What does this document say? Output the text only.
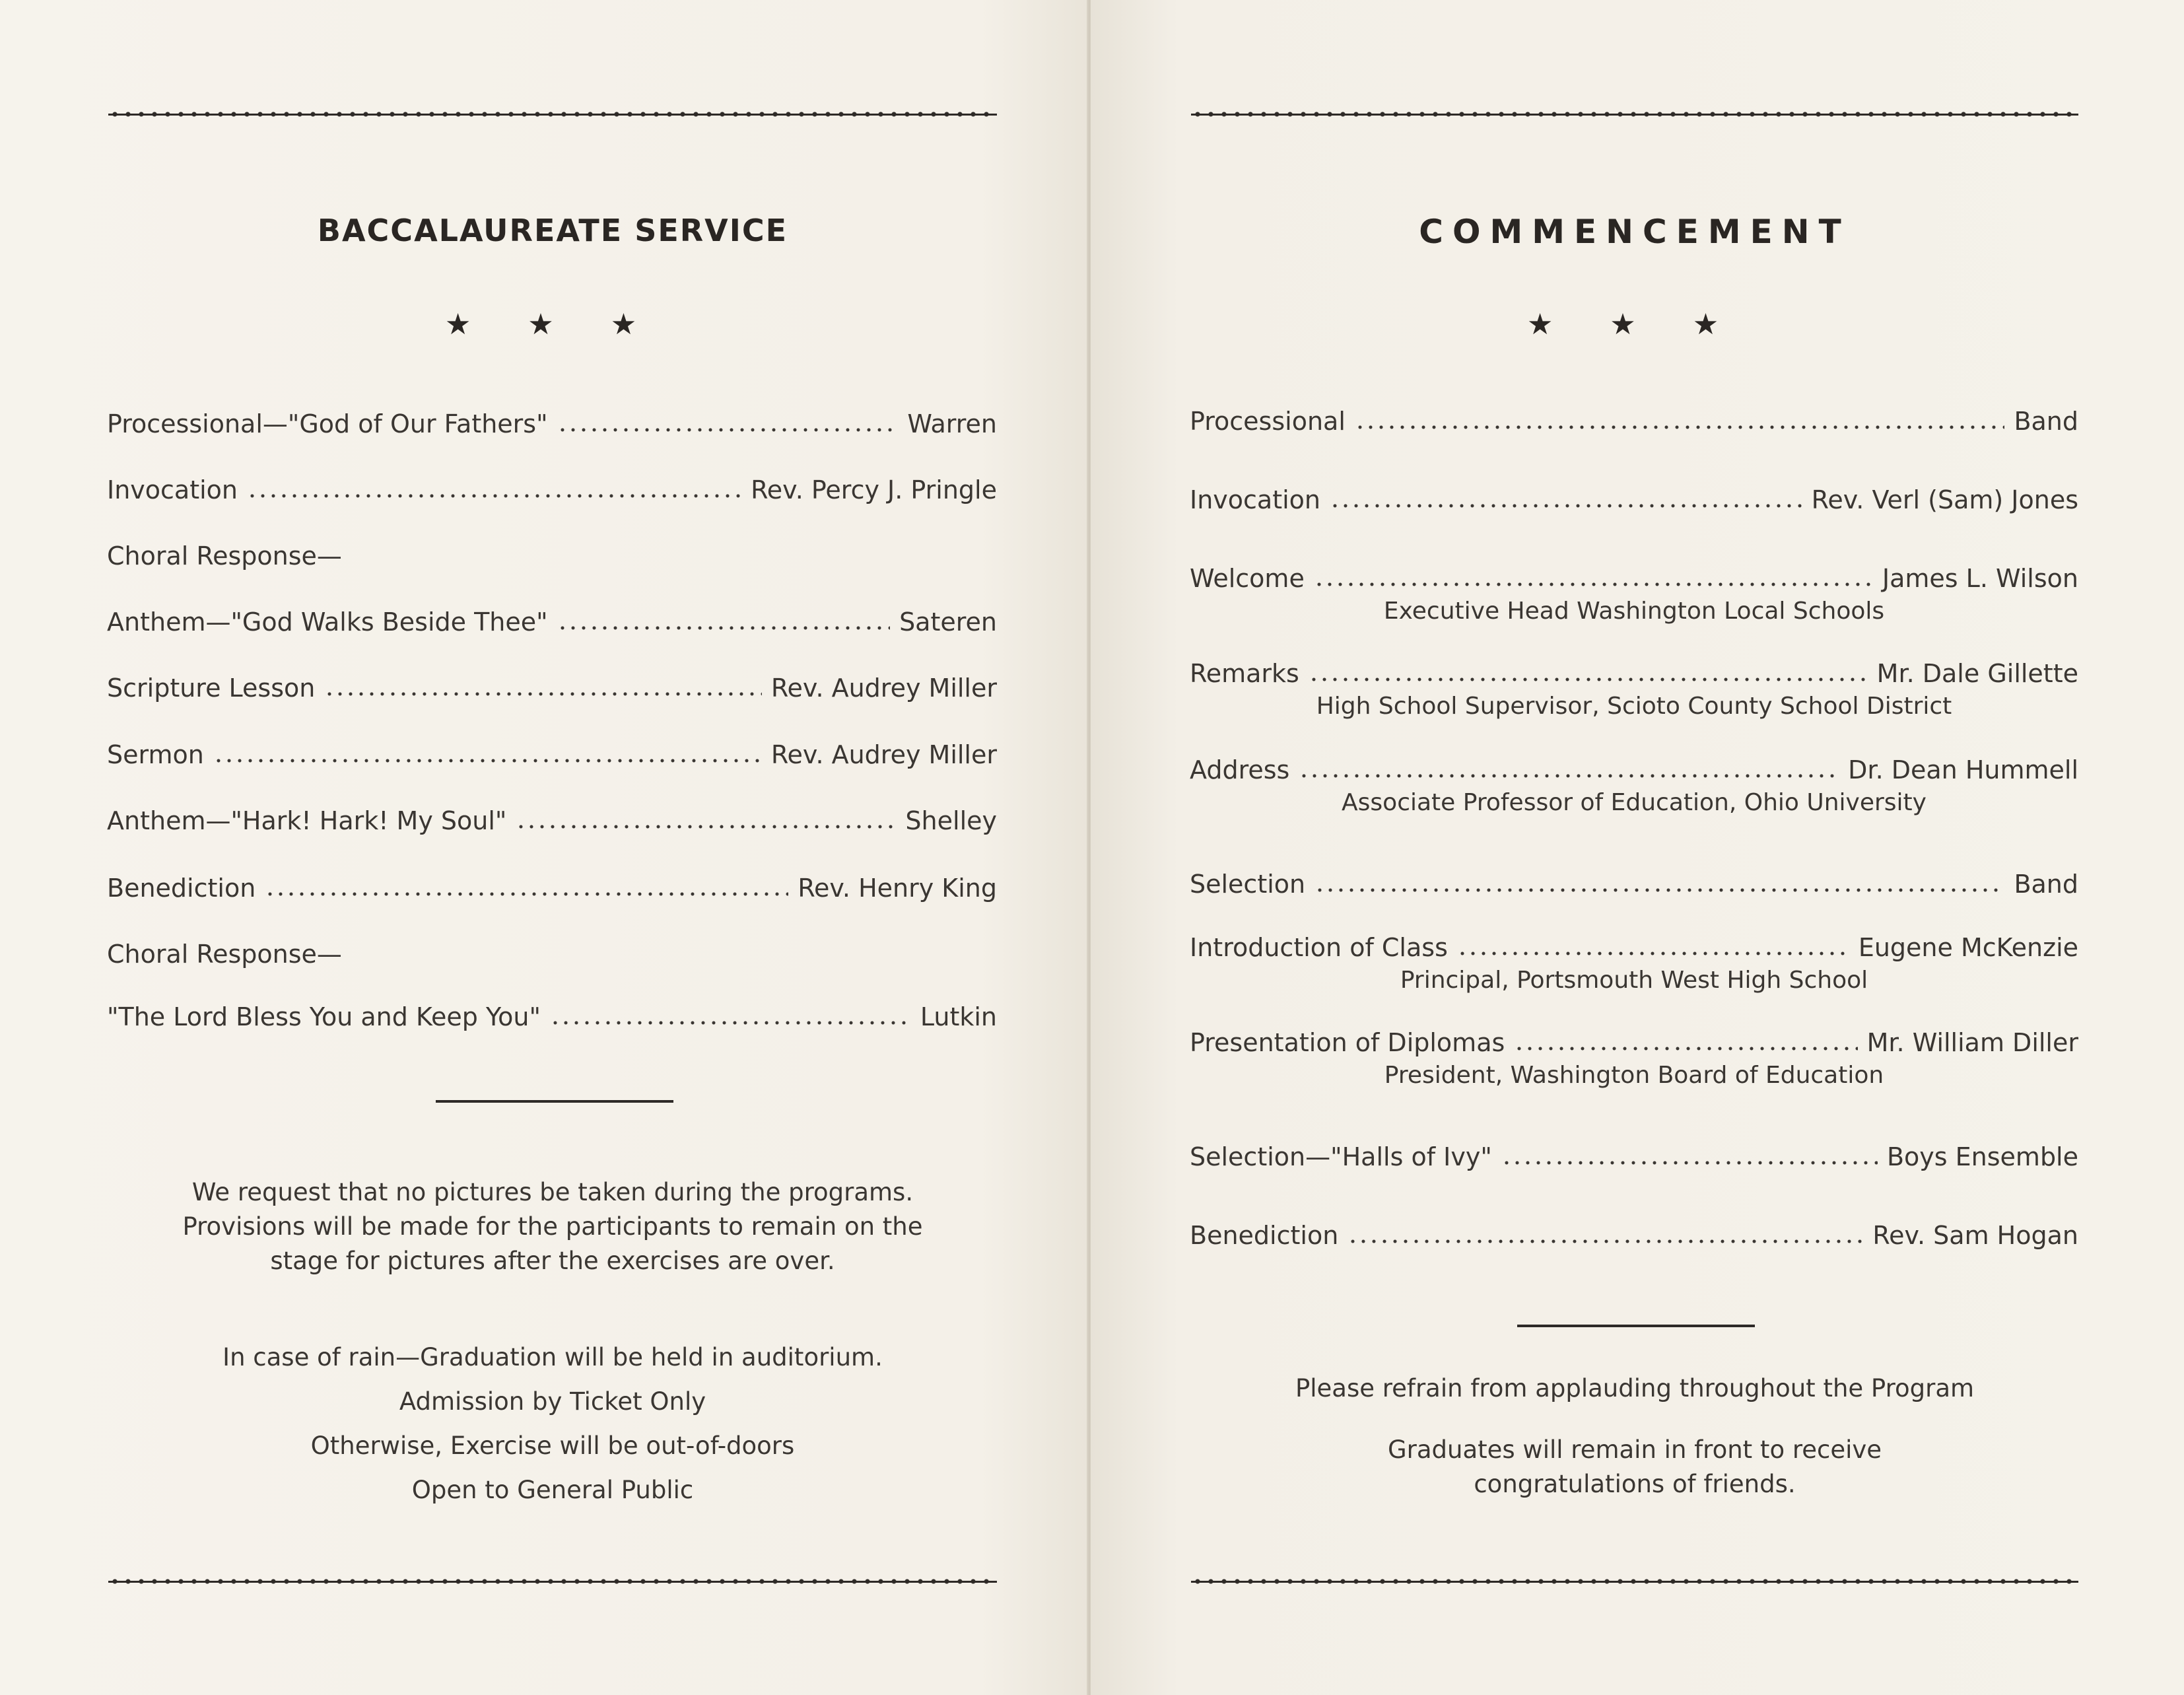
BACCALAUREATE SERVICE
★ ★ ★
Processional—"God of Our Fathers"	Warren
Invocation	Rev. Percy J. Pringle
Choral Response—
Anthem—"God Walks Beside Thee"	Sateren
Scripture Lesson	Rev. Audrey Miller
Sermon	Rev. Audrey Miller
Anthem—"Hark! Hark! My Soul"	Shelley
Benediction	Rev. Henry King
Choral Response—
"The Lord Bless You and Keep You"	Lutkin
We request that no pictures be taken during the programs.
Provisions will be made for the participants to remain on the
stage for pictures after the exercises are over.
In case of rain—Graduation will be held in auditorium.
Admission by Ticket Only
Otherwise, Exercise will be out-of-doors
Open to General Public
COMMENCEMENT
★ ★ ★
Processional	Band
Invocation	Rev. Verl (Sam) Jones
Welcome	James L. Wilson
Executive Head Washington Local Schools
Remarks	Mr. Dale Gillette
High School Supervisor, Scioto County School District
Address	Dr. Dean Hummell
Associate Professor of Education, Ohio University
Selection	Band
Introduction of Class	Eugene McKenzie
Principal, Portsmouth West High School
Presentation of Diplomas	Mr. William Diller
President, Washington Board of Education
Selection—"Halls of Ivy"	Boys Ensemble
Benediction	Rev. Sam Hogan
Please refrain from applauding throughout the Program
Graduates will remain in front to receive
congratulations of friends.
